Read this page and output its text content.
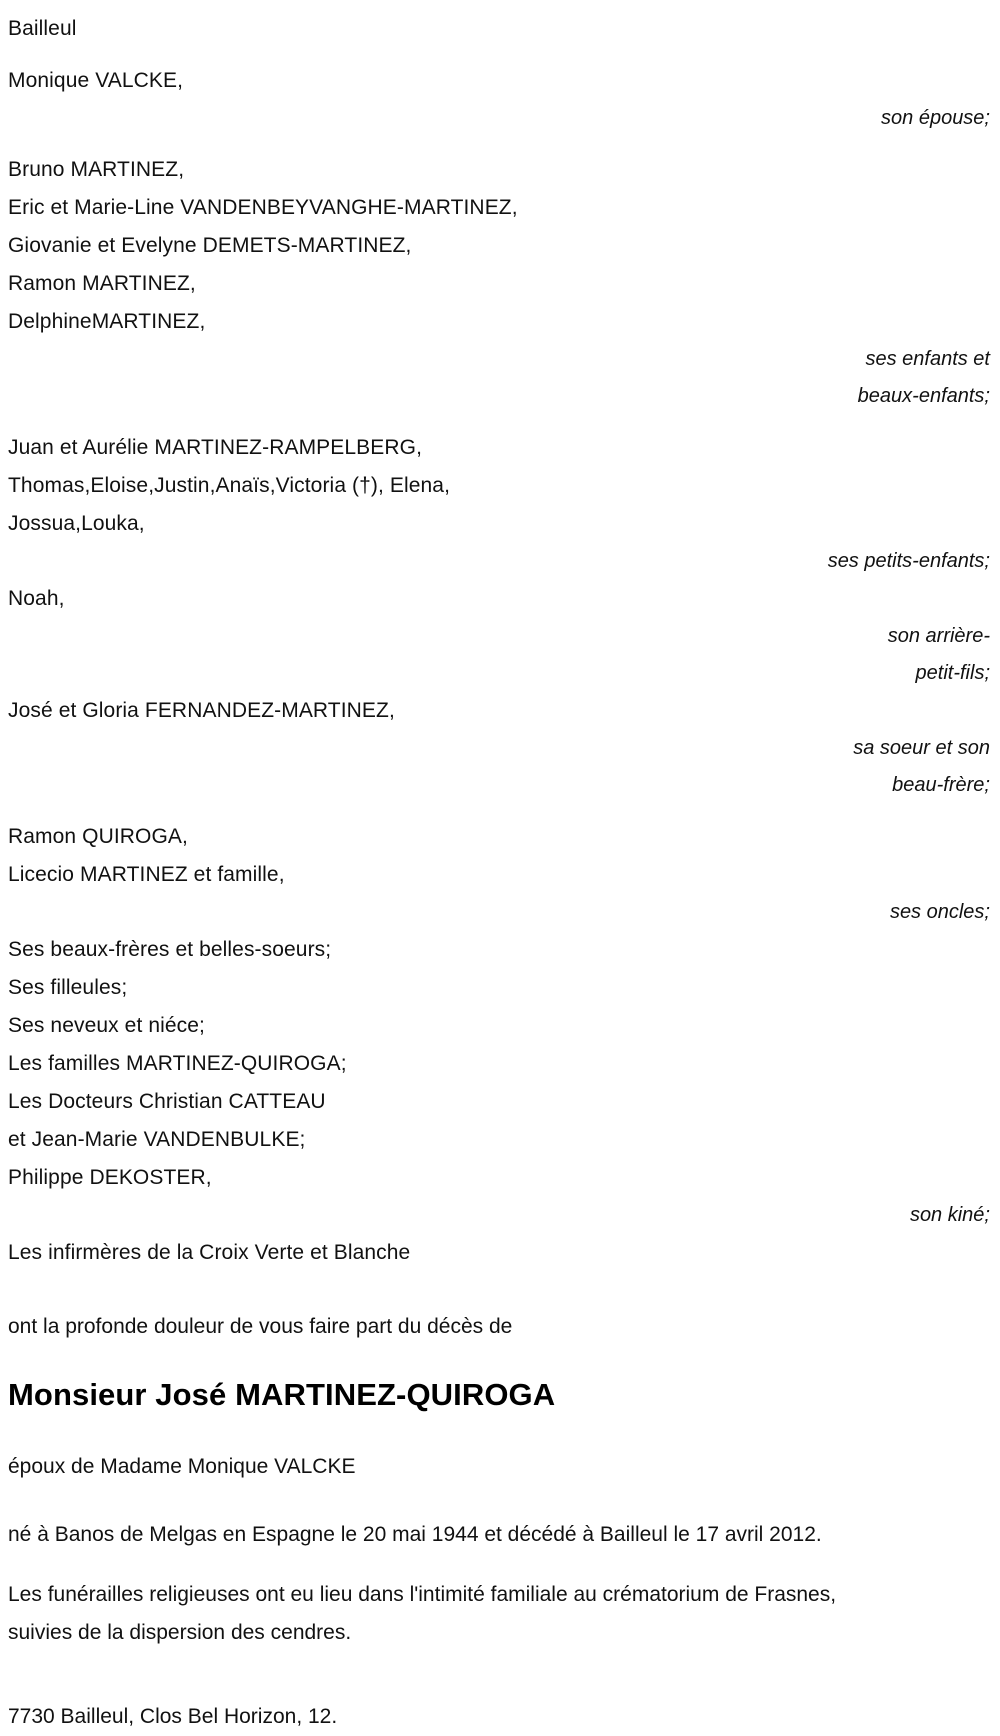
Bailleul
Monique VALCKE,
son épouse;
Bruno MARTINEZ,
Eric et Marie-Line VANDENBEYVANGHE-MARTINEZ,
Giovanie et Evelyne DEMETS-MARTINEZ,
Ramon MARTINEZ,
DelphineMARTINEZ,
ses enfants et
beaux-enfants;
Juan et Aurélie MARTINEZ-RAMPELBERG,
Thomas,Eloise,Justin,Anaïs,Victoria (†), Elena,
Jossua,Louka,
ses petits-enfants;
Noah,
son arrière-
petit-fils;
José et Gloria FERNANDEZ-MARTINEZ,
sa soeur et son
beau-frère;
Ramon QUIROGA,
Licecio MARTINEZ et famille,
ses oncles;
Ses beaux-frères et belles-soeurs;
Ses filleules;
Ses neveux et niéce;
Les familles MARTINEZ-QUIROGA;
Les Docteurs Christian CATTEAU
et Jean-Marie VANDENBULKE;
Philippe DEKOSTER,
son kiné;
Les infirmères de la Croix Verte et Blanche
ont la profonde douleur de vous faire part du décès de
Monsieur José MARTINEZ-QUIROGA
époux de Madame Monique VALCKE
né à Banos de Melgas en Espagne le 20 mai 1944 et décédé à Bailleul le 17 avril 2012.
Les funérailles religieuses ont eu lieu dans l'intimité familiale au crématorium de Frasnes, suivies de la dispersion des cendres.
7730 Bailleul, Clos Bel Horizon, 12.
